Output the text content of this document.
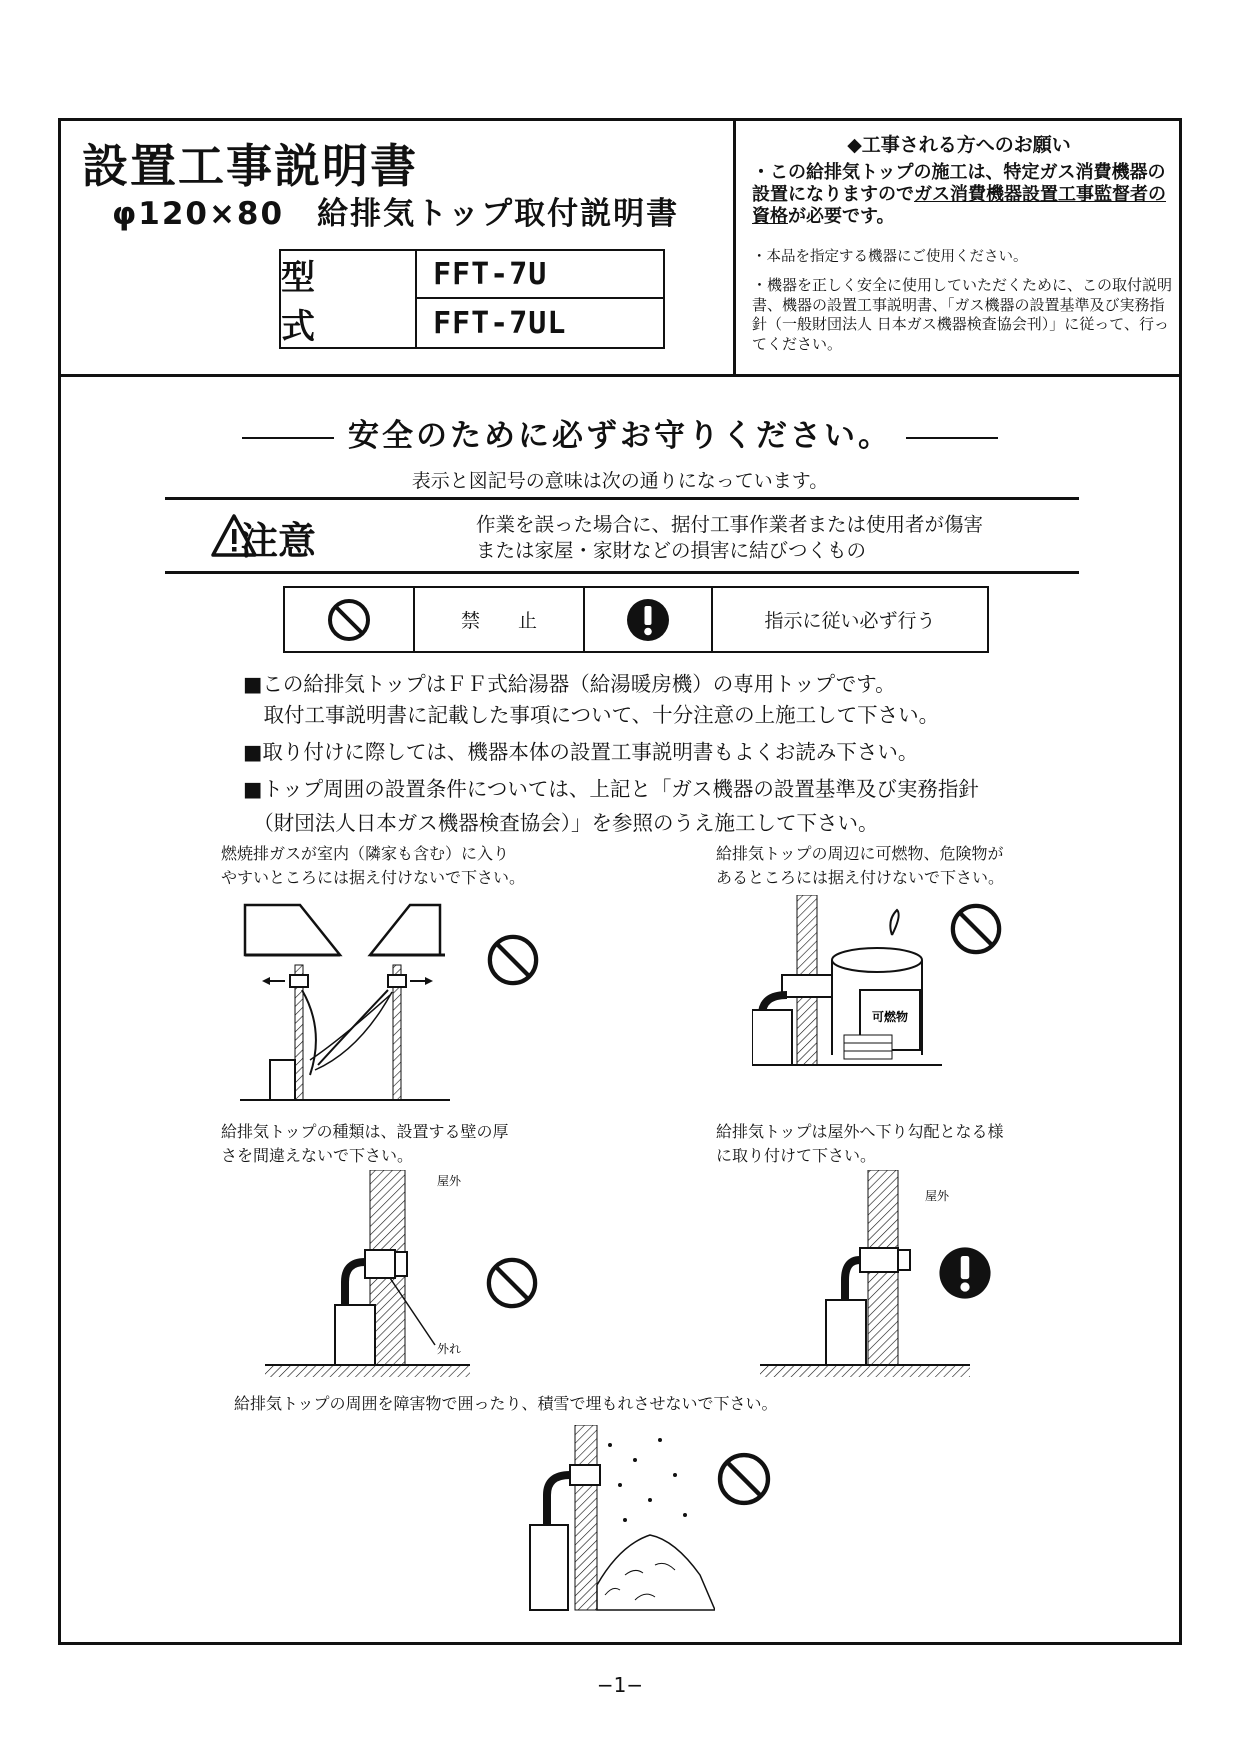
設置工事説明書
φ120×80　給排気トップ取付説明書
型　式
FFT-7U
FFT-7UL
◆工事される方へのお願い
・この給排気トップの施工は、特定ガス消費機器の設置になりますのでガス消費機器設置工事監督者の資格が必要です。
・本品を指定する機器にご使用ください。
・機器を正しく安全に使用していただくために、この取付説明書、機器の設置工事説明書、「ガス機器の設置基準及び実務指針（一般財団法人 日本ガス機器検査協会刊）」に従って、行ってください。
安全のために必ずお守りください。
表示と図記号の意味は次の通りになっています。
注意	作業を誤った場合に、据付工事作業者または使用者が傷害
または家屋・家財などの損害に結びつくもの
禁　　止	指示に従い必ず行う
■この給排気トップはＦＦ式給湯器（給湯暖房機）の専用トップです。
　取付工事説明書に記載した事項について、十分注意の上施工して下さい。
■取り付けに際しては、機器本体の設置工事説明書もよくお読み下さい。
■トップ周囲の設置条件については、上記と「ガス機器の設置基準及び実務指針
　（財団法人日本ガス機器検査協会）」を参照のうえ施工して下さい。
燃焼排ガスが室内（隣家も含む）に入り
やすいところには据え付けないで下さい。
給排気トップの周辺に可燃物、危険物が
あるところには据え付けないで下さい。
給排気トップの種類は、設置する壁の厚
さを間違えないで下さい。
給排気トップは屋外へ下り勾配となる様
に取り付けて下さい。
給排気トップの周囲を障害物で囲ったり、積雪で埋もれさせないで下さい。
可燃物
屋外
外れ
屋外
−1−
